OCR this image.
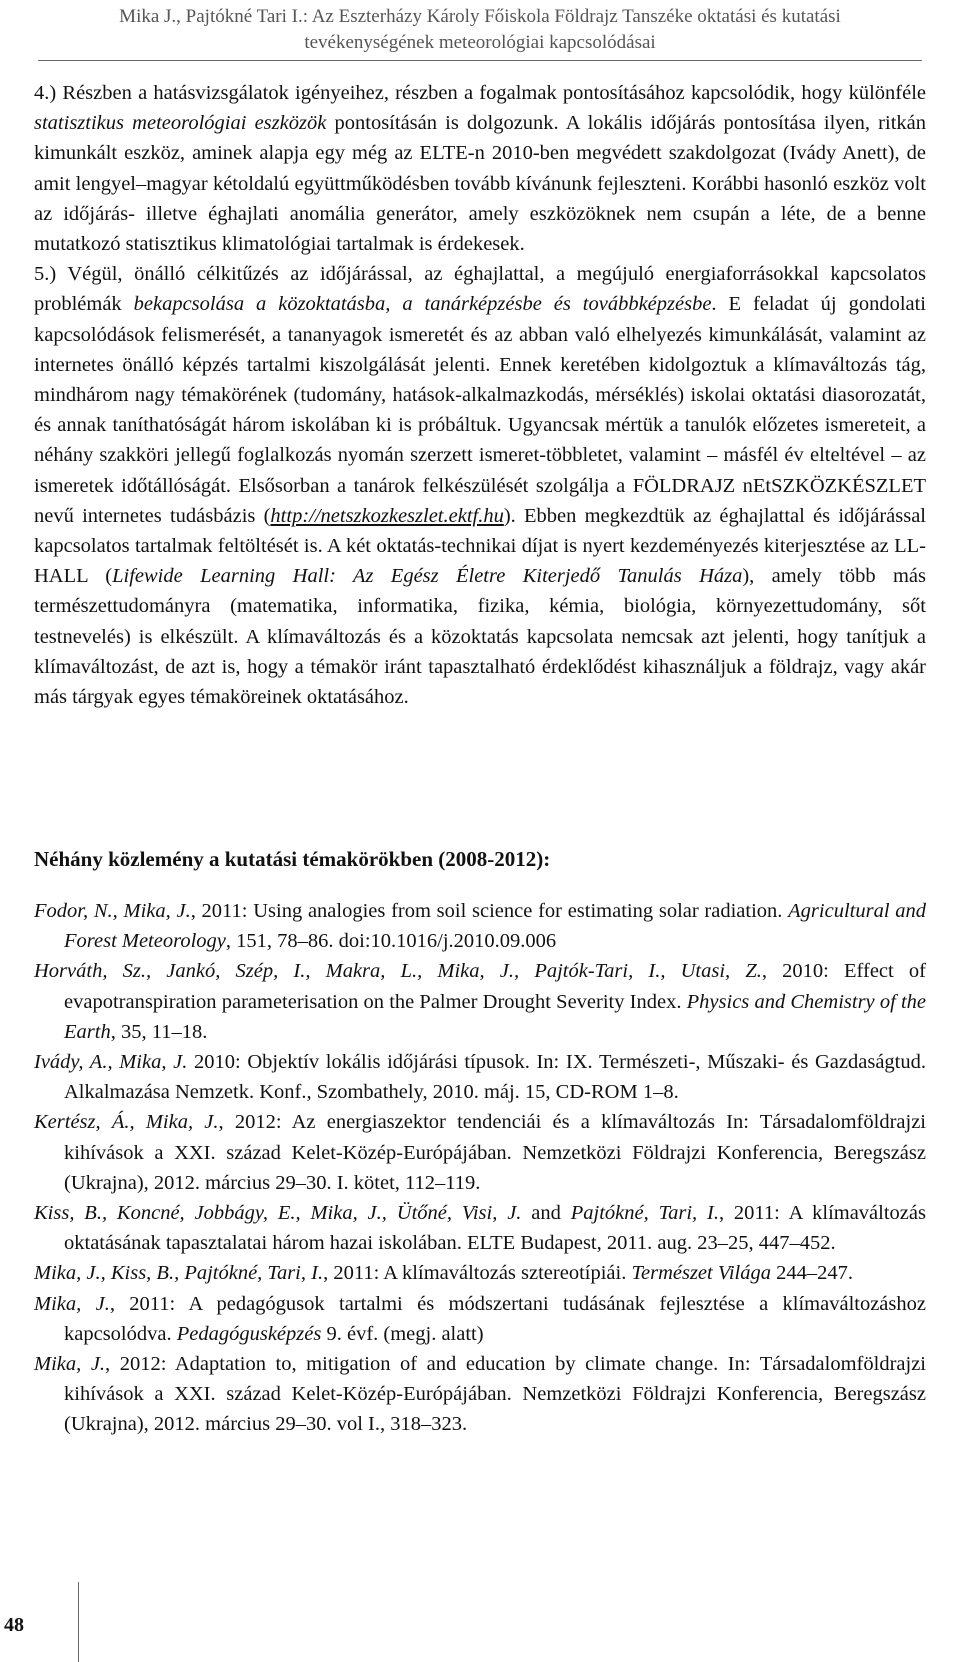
Mika J., Pajtókné Tari I.: Az Eszterházy Károly Főiskola Földrajz Tanszéke oktatási és kutatási
tevékenységének meteorológiai kapcsolódásai

4.) Részben a hatásvizsgálatok igényeihez, részben a fogalmak pontosításához kapcsolódik, hogy különféle statisztikus meteorológiai eszközök pontosításán is dolgozunk. A lokális időjárás pontosítása ilyen, ritkán kimunkált eszköz, aminek alapja egy még az ELTE-n 2010-ben megvédett szakdolgozat (Ivády Anett), de amit lengyel–magyar kétoldalú együttműködésben tovább kívánunk fejleszteni. Korábbi hasonló eszköz volt az időjárás- illetve éghajlati anomália generátor, amely eszközöknek nem csupán a léte, de a benne mutatkozó statisztikus klimatológiai tartalmak is érdekesek.

5.) Végül, önálló célkitűzés az időjárással, az éghajlattal, a megújuló energiaforrásokkal kapcsolatos problémák bekapcsolása a közoktatásba, a tanárképzésbe és továbbképzésbe. E feladat új gondolati kapcsolódások felismerését, a tananyagok ismeretét és az abban való elhelyezés kimunkálását, valamint az internetes önálló képzés tartalmi kiszolgálását jelenti. Ennek keretében kidolgoztuk a klímaváltozás tág, mindhárom nagy témakörének (tudomány, hatások-alkalmazkodás, mérséklés) iskolai oktatási diasorozatát, és annak taníthatóságát három iskolában ki is próbáltuk. Ugyancsak mértük a tanulók előzetes ismereteit, a néhány szakköri jellegű foglalkozás nyomán szerzett ismeret-többletet, valamint – másfél év elteltével – az ismeretek időtállóságát. Elsősorban a tanárok felkészülését szolgálja a FÖLDRAJZ nEtSZKÖZKÉSZLET nevű internetes tudásbázis (http://netszkozkeszlet.ektf.hu). Ebben megkezdtük az éghajlattal és időjárással kapcsolatos tartalmak feltöltését is. A két oktatás-technikai díjat is nyert kezdeményezés kiterjesztése az LL-HALL (Lifewide Learning Hall: Az Egész Életre Kiterjedő Tanulás Háza), amely több más természettudományra (matematika, informatika, fizika, kémia, biológia, környezettudomány, sőt testnevelés) is elkészült. A klímaváltozás és a közoktatás kapcsolata nemcsak azt jelenti, hogy tanítjuk a klímaváltozást, de azt is, hogy a témakör iránt tapasztalható érdeklődést kihasználjuk a földrajz, vagy akár más tárgyak egyes témaköreinek oktatásához.

Néhány közlemény a kutatási témakörökben (2008-2012):

Fodor, N., Mika, J., 2011: Using analogies from soil science for estimating solar radiation. Agricultural and Forest Meteorology, 151, 78–86. doi:10.1016/j.2010.09.006

Horváth, Sz., Jankó, Szép, I., Makra, L., Mika, J., Pajtók-Tari, I., Utasi, Z., 2010: Effect of evapotranspiration parameterisation on the Palmer Drought Severity Index. Physics and Chemistry of the Earth, 35, 11–18.

Ivády, A., Mika, J. 2010: Objektív lokális időjárási típusok. In: IX. Természeti-, Műszaki- és Gazdaságtud. Alkalmazása Nemzetk. Konf., Szombathely, 2010. máj. 15, CD-ROM 1–8.

Kertész, Á., Mika, J., 2012: Az energiaszektor tendenciái és a klímaváltozás In: Társadalomföldrajzi kihívások a XXI. század Kelet-Közép-Európájában. Nemzetközi Földrajzi Konferencia, Beregszász (Ukrajna), 2012. március 29–30. I. kötet, 112–119.

Kiss, B., Koncné, Jobbágy, E., Mika, J., Ütőné, Visi, J. and Pajtókné, Tari, I., 2011: A klímaváltozás oktatásának tapasztalatai három hazai iskolában. ELTE Budapest, 2011. aug. 23–25, 447–452.

Mika, J., Kiss, B., Pajtókné, Tari, I., 2011: A klímaváltozás sztereotípiái. Természet Világa 244–247.

Mika, J., 2011: A pedagógusok tartalmi és módszertani tudásának fejlesztése a klímaváltozáshoz kapcsolódva. Pedagógusképzés 9. évf. (megj. alatt)

Mika, J., 2012: Adaptation to, mitigation of and education by climate change. In: Társadalomföldrajzi kihívások a XXI. század Kelet-Közép-Európájában. Nemzetközi Földrajzi Konferencia, Beregszász (Ukrajna), 2012. március 29–30. vol I., 318–323.

48
